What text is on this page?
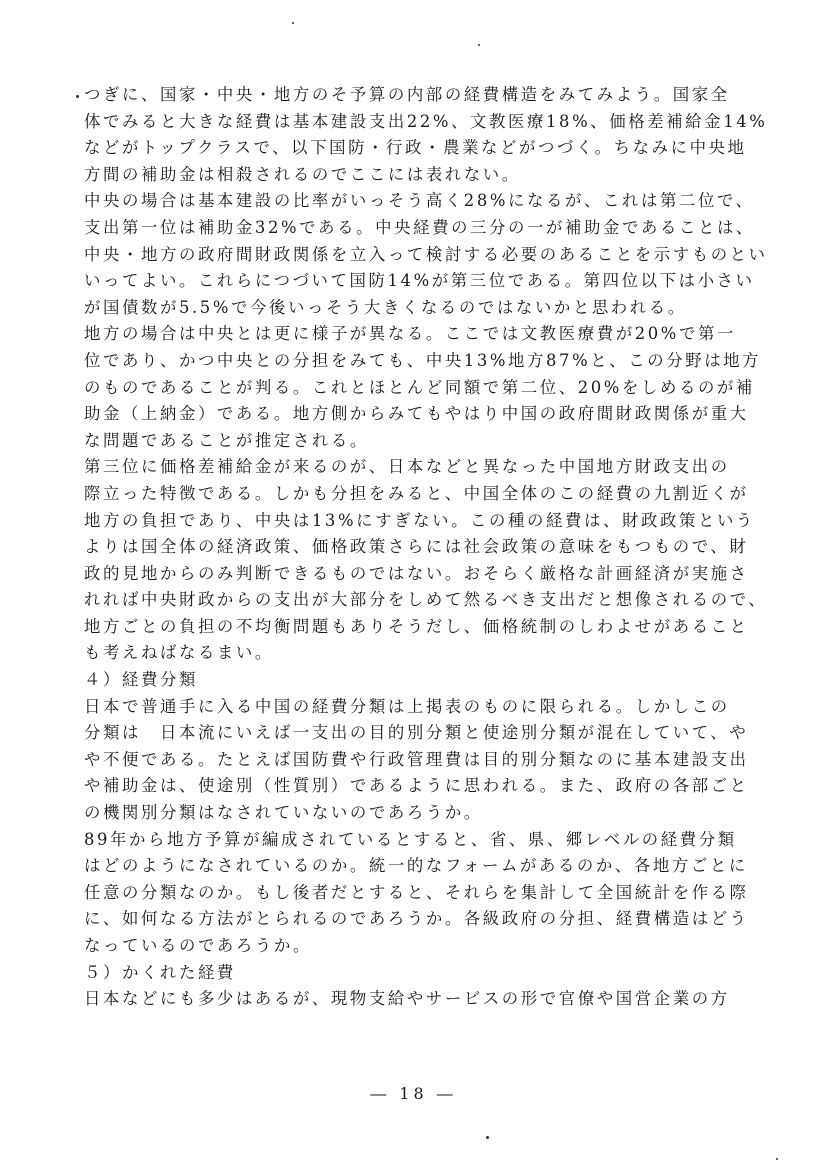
つぎに、国家・中央・地方のそ予算の内部の経費構造をみてみよう。国家全
体でみると大きな経費は基本建設支出22%、文教医療18%、価格差補給金14%
などがトップクラスで、以下国防・行政・農業などがつづく。ちなみに中央地
方間の補助金は相殺されるのでここには表れない。
中央の場合は基本建設の比率がいっそう高く28%になるが、これは第二位で、
支出第一位は補助金32%である。中央経費の三分の一が補助金であることは、
中央・地方の政府間財政関係を立入って検討する必要のあることを示すものとい
いってよい。これらにつづいて国防14%が第三位である。第四位以下は小さい
が国債数が5.5%で今後いっそう大きくなるのではないかと思われる。
地方の場合は中央とは更に様子が異なる。ここでは文教医療費が20%で第一
位であり、かつ中央との分担をみても、中央13%地方87%と、この分野は地方
のものであることが判る。これとほとんど同額で第二位、20%をしめるのが補
助金（上納金）である。地方側からみてもやはり中国の政府間財政関係が重大
な問題であることが推定される。
第三位に価格差補給金が来るのが、日本などと異なった中国地方財政支出の
際立った特徴である。しかも分担をみると、中国全体のこの経費の九割近くが
地方の負担であり、中央は13%にすぎない。この種の経費は、財政政策という
よりは国全体の経済政策、価格政策さらには社会政策の意味をもつもので、財
政的見地からのみ判断できるものではない。おそらく厳格な計画経済が実施さ
れれば中央財政からの支出が大部分をしめて然るべき支出だと想像されるので、
地方ごとの負担の不均衡問題もありそうだし、価格統制のしわよせがあること
も考えねばなるまい。
４）経費分類
日本で普通手に入る中国の経費分類は上掲表のものに限られる。しかしこの
分類は　日本流にいえば一支出の目的別分類と使途別分類が混在していて、や
や不便である。たとえば国防費や行政管理費は目的別分類なのに基本建設支出
や補助金は、使途別（性質別）であるように思われる。また、政府の各部ごと
の機関別分類はなされていないのであろうか。
89年から地方予算が編成されているとすると、省、県、郷レベルの経費分類
はどのようになされているのか。統一的なフォームがあるのか、各地方ごとに
任意の分類なのか。もし後者だとすると、それらを集計して全国統計を作る際
に、如何なる方法がとられるのであろうか。各級政府の分担、経費構造はどう
なっているのであろうか。
５）かくれた経費
日本などにも多少はあるが、現物支給やサービスの形で官僚や国営企業の方
― 18 ―
